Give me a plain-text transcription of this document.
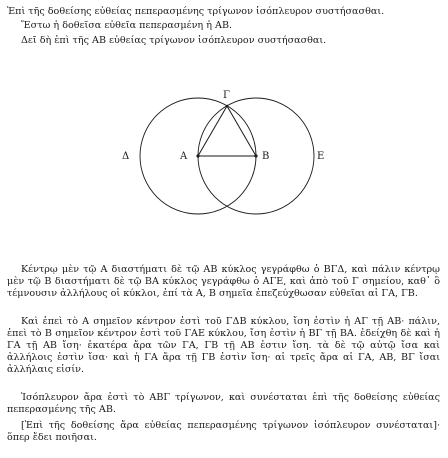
Ἐπὶ τῆς δοθείσης εὐθείας πεπερασμένης τρίγωνον ἰσόπλευρον συστήσασθαι.
Ἔστω ἡ δοθεῖσα εὐθεῖα πεπερασμένη ἡ ΑΒ.
Δεῖ δὴ ἐπὶ τῆς ΑΒ εὐθείας τρίγωνον ἰσόπλευρον συστήσασθαι.
Γ
Α	Β
Δ	Ε
Κέντρῳ μὲν τῷ Α διαστήματι δὲ τῷ ΑΒ κύκλος γεγράφθω ὁ ΒΓΔ, καὶ πάλιν κέντρῳ μὲν τῷ Β διαστήματι δὲ τῷ ΒΑ κύκλος γεγράφθω ὁ ΑΓΕ, καὶ ἀπὸ τοῦ Γ σημείου, καθ᾽ ὃ τέμνουσιν ἀλλήλους οἱ κύκλοι, ἐπί τὰ Α, Β σημεῖα ἐπεζεύχθωσαν εὐθεῖαι αἱ ΓΑ, ΓΒ.
Καὶ ἐπεὶ τὸ Α σημεῖον κέντρον ἐστὶ τοῦ ΓΔΒ κύκλου, ἴση ἐστὶν ἡ ΑΓ τῇ ΑΒ· πάλιν, ἐπεὶ τὸ Β σημεῖον κέντρον ἐστὶ τοῦ ΓΑΕ κύκλου, ἴση ἐστὶν ἡ ΒΓ τῇ ΒΑ. ἐδείχθη δὲ καὶ ἡ ΓΑ τῇ ΑΒ ἴση· ἑκατέρα ἄρα τῶν ΓΑ, ΓΒ τῇ ΑΒ ἐστιν ἴση. τὰ δὲ τῷ αὐτῷ ἴσα καὶ ἀλλήλοις ἐστὶν ἴσα· καὶ ἡ ΓΑ ἄρα τῇ ΓΒ ἐστὶν ἴση· αἱ τρεῖς ἄρα αἱ ΓΑ, ΑΒ, ΒΓ ἴσαι ἀλλήλαις εἰσίν.
Ἰσόπλευρον ἄρα ἐστὶ τὸ ΑΒΓ τρίγωνον, καὶ συνέσταται ἐπὶ τῆς δοθείσης εὐθείας πεπερασμένης τῆς ΑΒ.
[Ἐπὶ τῆς δοθείσης ἄρα εὐθείας πεπερασμένης τρίγωνον ἰσόπλευρον συνέσταται]· ὅπερ ἔδει ποιῆσαι.
